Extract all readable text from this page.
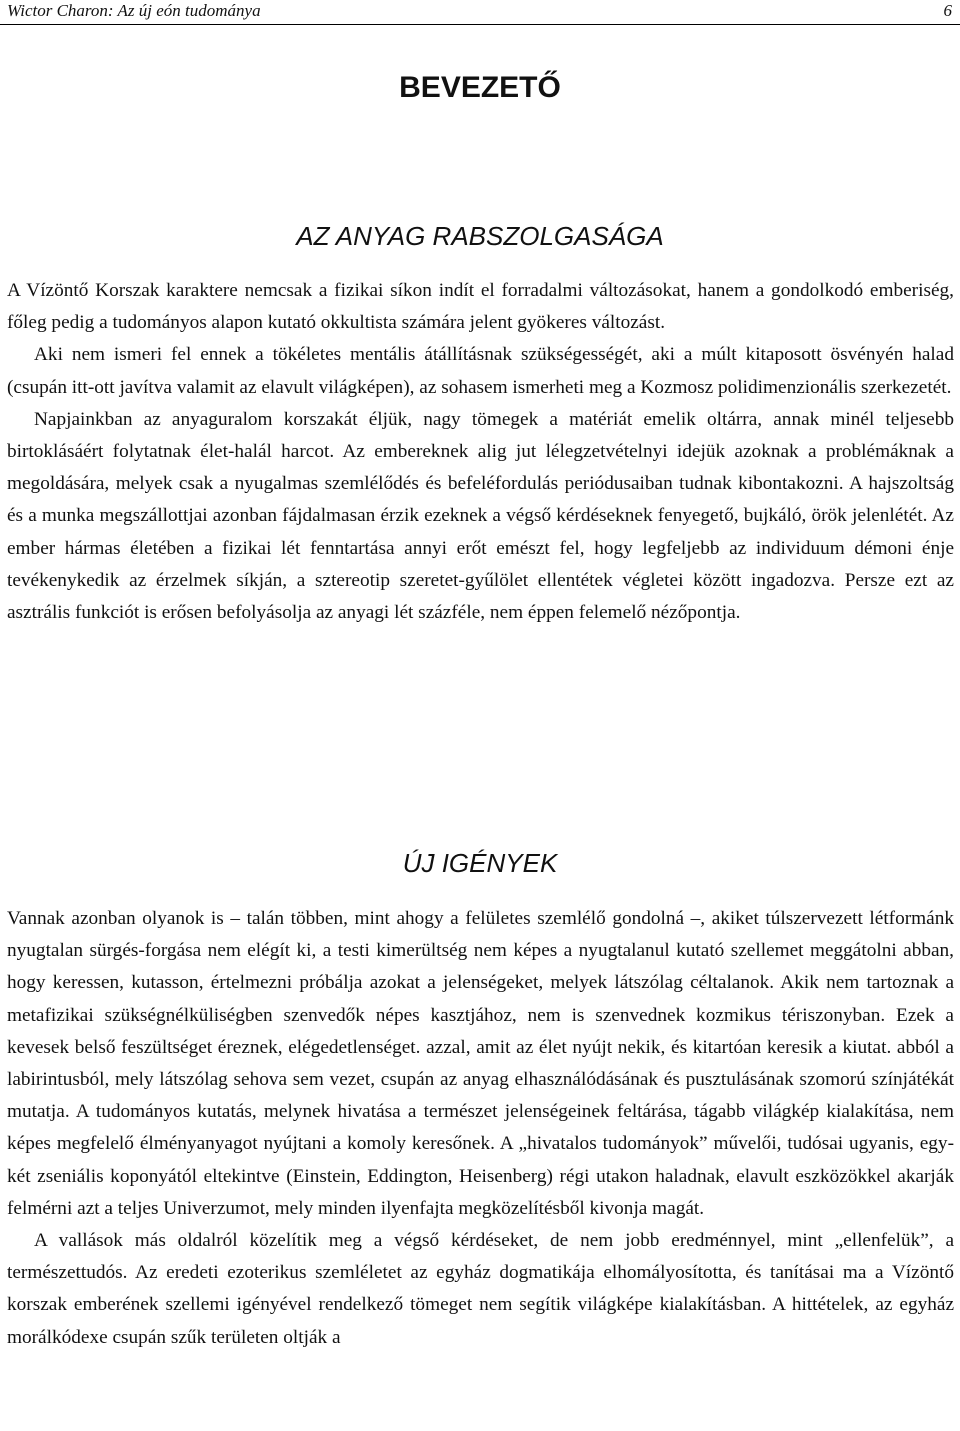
Wictor Charon: Az új eón tudománya	6
BEVEZETŐ
AZ ANYAG RABSZOLGASÁGA

A Vízöntő Korszak karaktere nemcsak a fizikai síkon indít el forradalmi változásokat, hanem a gondolkodó emberiség, főleg pedig a tudományos alapon kutató okkultista számára jelent gyökeres változást.

Aki nem ismeri fel ennek a tökéletes mentális átállításnak szükségességét, aki a múlt kitaposott ösvényén halad (csupán itt-ott javítva valamit az elavult világképen), az sohasem ismerheti meg a Kozmosz polidimenzionális szerkezetét.

Napjainkban az anyaguralom korszakát éljük, nagy tömegek a matériát emelik oltárra, annak minél teljesebb birtoklásáért folytatnak élet-halál harcot. Az embereknek alig jut lélegzetvételnyi idejük azoknak a problémáknak a megoldására, melyek csak a nyugalmas szemlélődés és befeléfordulás periódusaiban tudnak kibontakozni. A hajszoltság és a munka megszállottjai azonban fájdalmasan érzik ezeknek a végső kérdéseknek fenyegető, bujkáló, örök jelenlétét. Az ember hármas életében a fizikai lét fenntartása annyi erőt emészt fel, hogy legfeljebb az individuum démoni énje tevékenykedik az érzelmek síkján, a sztereotip szeretet-gyűlölet ellentétek végletei között ingadozva. Persze ezt az asztrális funkciót is erősen befolyásolja az anyagi lét százféle, nem éppen felemelő nézőpontja.

ÚJ IGÉNYEK

Vannak azonban olyanok is – talán többen, mint ahogy a felületes szemlélő gondolná –, akiket túlszervezett létformánk nyugtalan sürgés-forgása nem elégít ki, a testi kimerültség nem képes a nyugtalanul kutató szellemet meggátolni abban, hogy keressen, kutasson, értelmezni próbálja azokat a jelenségeket, melyek látszólag céltalanok. Akik nem tartoznak a metafizikai szükségnélküliségben szenvedők népes kasztjához, nem is szenvednek kozmikus tériszonyban. Ezek a kevesek belső feszültséget éreznek, elégedetlenséget. azzal, amit az élet nyújt nekik, és kitartóan keresik a kiutat. abból a labirintusból, mely látszólag sehova sem vezet, csupán az anyag elhasználódásának és pusztulásának szomorú színjátékát mutatja. A tudományos kutatás, melynek hivatása a természet jelenségeinek feltárása, tágabb világkép kialakítása, nem képes megfelelő élményanyagot nyújtani a komoly keresőnek. A „hivatalos tudományok” művelői, tudósai ugyanis, egy-két zseniális koponyától eltekintve (Einstein, Eddington, Heisenberg) régi utakon haladnak, elavult eszközökkel akarják felmérni azt a teljes Univerzumot, mely minden ilyenfajta megközelítésből kivonja magát.

A vallások más oldalról közelítik meg a végső kérdéseket, de nem jobb eredménnyel, mint „ellenfelük”, a természettudós. Az eredeti ezoterikus szemléletet az egyház dogmatikája elhomályosította, és tanításai ma a Vízöntő korszak emberének szellemi igényével rendelkező tömeget nem segítik világképe kialakításban. A hittételek, az egyház morálkódexe csupán szűk területen oltják a
